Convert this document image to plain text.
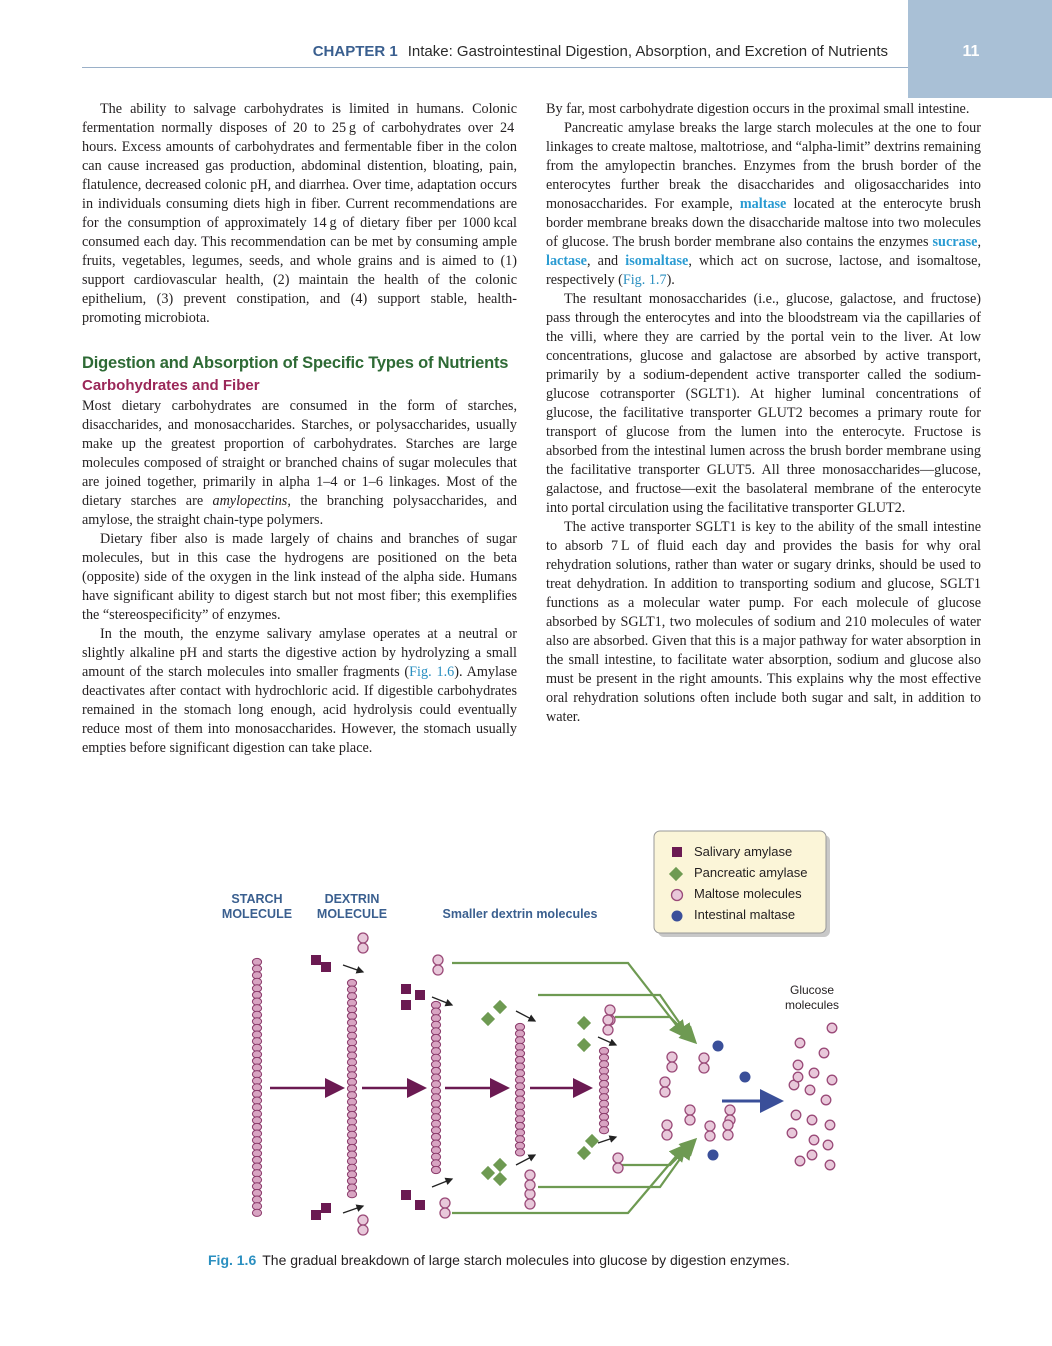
11
CHAPTER 1 Intake: Gastrointestinal Digestion, Absorption, and Excretion of Nutrients

The ability to salvage carbohydrates is limited in humans. Colonic fermentation normally disposes of 20 to 25 g of carbohydrates over 24 hours. Excess amounts of carbohydrates and fermentable fiber in the colon can cause increased gas production, abdominal distention, bloating, pain, flatulence, decreased colonic pH, and diarrhea. Over time, adaptation occurs in individuals consuming diets high in fiber. Current recommendations are for the consumption of approximately 14 g of dietary fiber per 1000 kcal consumed each day. This recommendation can be met by consuming ample fruits, vegetables, legumes, seeds, and whole grains and is aimed to (1) support cardiovascular health, (2) maintain the health of the colonic epithelium, (3) prevent constipation, and (4) support stable, health-promoting microbiota.

Digestion and Absorption of Specific Types of Nutrients
Carbohydrates and Fiber

Most dietary carbohydrates are consumed in the form of starches, disaccharides, and monosaccharides. Starches, or polysaccharides, usually make up the greatest proportion of carbohydrates. Starches are large molecules composed of straight or branched chains of sugar molecules that are joined together, primarily in alpha 1–4 or 1–6 linkages. Most of the dietary starches are amylopectins, the branching polysaccharides, and amylose, the straight chain-type polymers.

Dietary fiber also is made largely of chains and branches of sugar molecules, but in this case the hydrogens are positioned on the beta (opposite) side of the oxygen in the link instead of the alpha side. Humans have significant ability to digest starch but not most fiber; this exemplifies the “stereospecificity” of enzymes.

In the mouth, the enzyme salivary amylase operates at a neutral or slightly alkaline pH and starts the digestive action by hydrolyzing a small amount of the starch molecules into smaller fragments (Fig. 1.6). Amylase deactivates after contact with hydrochloric acid. If digestible carbohydrates remained in the stomach long enough, acid hydrolysis could eventually reduce most of them into monosaccharides. However, the stomach usually empties before significant digestion can take place.

By far, most carbohydrate digestion occurs in the proximal small intestine.

Pancreatic amylase breaks the large starch molecules at the one to four linkages to create maltose, maltotriose, and “alpha-limit” dextrins remaining from the amylopectin branches. Enzymes from the brush border of the enterocytes further break the disaccharides and oligosaccharides into monosaccharides. For example, maltase located at the enterocyte brush border membrane breaks down the disaccharide maltose into two molecules of glucose. The brush border membrane also contains the enzymes sucrase, lactase, and isomaltase, which act on sucrose, lactose, and isomaltose, respectively (Fig. 1.7).

The resultant monosaccharides (i.e., glucose, galactose, and fructose) pass through the enterocytes and into the bloodstream via the capillaries of the villi, where they are carried by the portal vein to the liver. At low concentrations, glucose and galactose are absorbed by active transport, primarily by a sodium-dependent active transporter called the sodium-glucose cotransporter (SGLT1). At higher luminal concentrations of glucose, the facilitative transporter GLUT2 becomes a primary route for transport of glucose from the lumen into the enterocyte. Fructose is absorbed from the intestinal lumen across the brush border membrane using the facilitative transporter GLUT5. All three monosaccharides—glucose, galactose, and fructose—exit the basolateral membrane of the enterocyte into portal circulation using the facilitative transporter GLUT2.

The active transporter SGLT1 is key to the ability of the small intestine to absorb 7 L of fluid each day and provides the basis for why oral rehydration solutions, rather than water or sugary drinks, should be used to treat dehydration. In addition to transporting sodium and glucose, SGLT1 functions as a molecular water pump. For each molecule of glucose absorbed by SGLT1, two molecules of sodium and 210 molecules of water also are absorbed. Given that this is a major pathway for water absorption in the small intestine, to facilitate water absorption, sodium and glucose also must be present in the right amounts. This explains why the most effective oral rehydration solutions often include both sugar and salt, in addition to water.

Salivary amylase
Pancreatic amylase
Maltose molecules
Intestinal maltase
STARCH
MOLECULE
DEXTRIN
MOLECULE	Smaller dextrin molecules
Glucose
molecules
Fig. 1.6 The gradual breakdown of large starch molecules into glucose by digestion enzymes.
